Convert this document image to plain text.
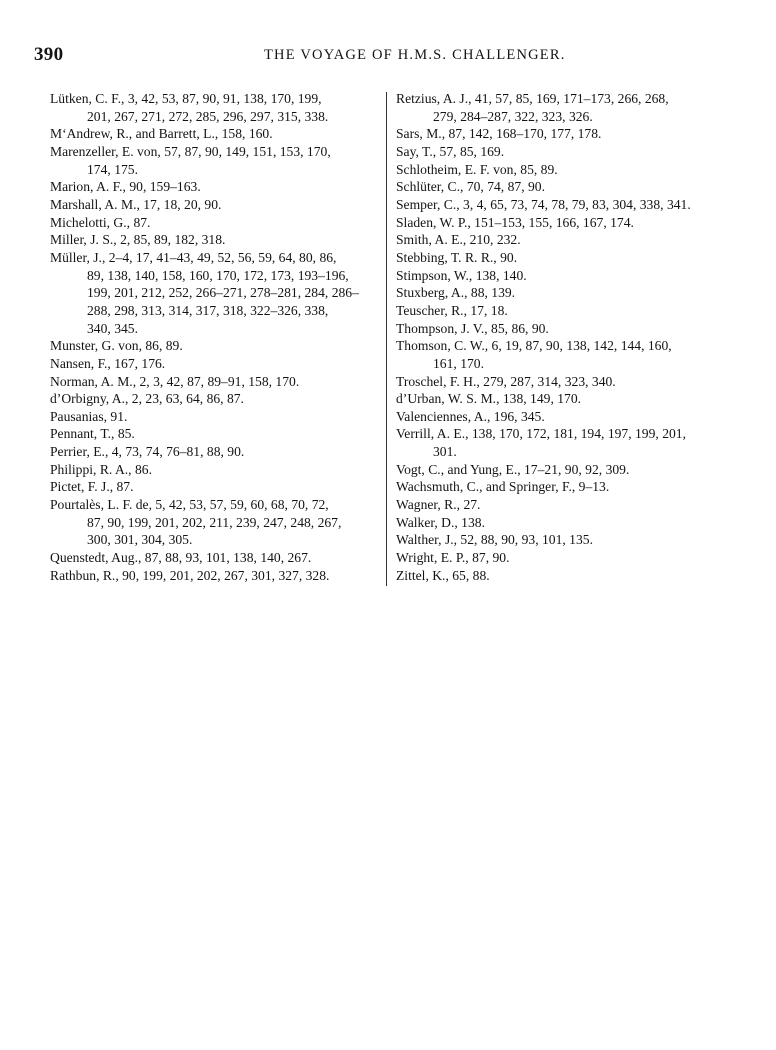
390	THE VOYAGE OF H.M.S. CHALLENGER.
Lütken, C. F., 3, 42, 53, 87, 90, 91, 138, 170, 199,
201, 267, 271, 272, 285, 296, 297, 315, 338.
M‘Andrew, R., and Barrett, L., 158, 160.
Marenzeller, E. von, 57, 87, 90, 149, 151, 153, 170,
174, 175.
Marion, A. F., 90, 159–163.
Marshall, A. M., 17, 18, 20, 90.
Michelotti, G., 87.
Miller, J. S., 2, 85, 89, 182, 318.
Müller, J., 2–4, 17, 41–43, 49, 52, 56, 59, 64, 80, 86,
89, 138, 140, 158, 160, 170, 172, 173, 193–196,
199, 201, 212, 252, 266–271, 278–281, 284, 286–
288, 298, 313, 314, 317, 318, 322–326, 338,
340, 345.
Munster, G. von, 86, 89.
Nansen, F., 167, 176.
Norman, A. M., 2, 3, 42, 87, 89–91, 158, 170.
d’Orbigny, A., 2, 23, 63, 64, 86, 87.
Pausanias, 91.
Pennant, T., 85.
Perrier, E., 4, 73, 74, 76–81, 88, 90.
Philippi, R. A., 86.
Pictet, F. J., 87.
Pourtalès, L. F. de, 5, 42, 53, 57, 59, 60, 68, 70, 72,
87, 90, 199, 201, 202, 211, 239, 247, 248, 267,
300, 301, 304, 305.
Quenstedt, Aug., 87, 88, 93, 101, 138, 140, 267.
Rathbun, R., 90, 199, 201, 202, 267, 301, 327, 328.
Retzius, A. J., 41, 57, 85, 169, 171–173, 266, 268,
279, 284–287, 322, 323, 326.
Sars, M., 87, 142, 168–170, 177, 178.
Say, T., 57, 85, 169.
Schlotheim, E. F. von, 85, 89.
Schlüter, C., 70, 74, 87, 90.
Semper, C., 3, 4, 65, 73, 74, 78, 79, 83, 304, 338, 341.
Sladen, W. P., 151–153, 155, 166, 167, 174.
Smith, A. E., 210, 232.
Stebbing, T. R. R., 90.
Stimpson, W., 138, 140.
Stuxberg, A., 88, 139.
Teuscher, R., 17, 18.
Thompson, J. V., 85, 86, 90.
Thomson, C. W., 6, 19, 87, 90, 138, 142, 144, 160,
161, 170.
Troschel, F. H., 279, 287, 314, 323, 340.
d’Urban, W. S. M., 138, 149, 170.
Valenciennes, A., 196, 345.
Verrill, A. E., 138, 170, 172, 181, 194, 197, 199, 201,
301.
Vogt, C., and Yung, E., 17–21, 90, 92, 309.
Wachsmuth, C., and Springer, F., 9–13.
Wagner, R., 27.
Walker, D., 138.
Walther, J., 52, 88, 90, 93, 101, 135.
Wright, E. P., 87, 90.
Zittel, K., 65, 88.
